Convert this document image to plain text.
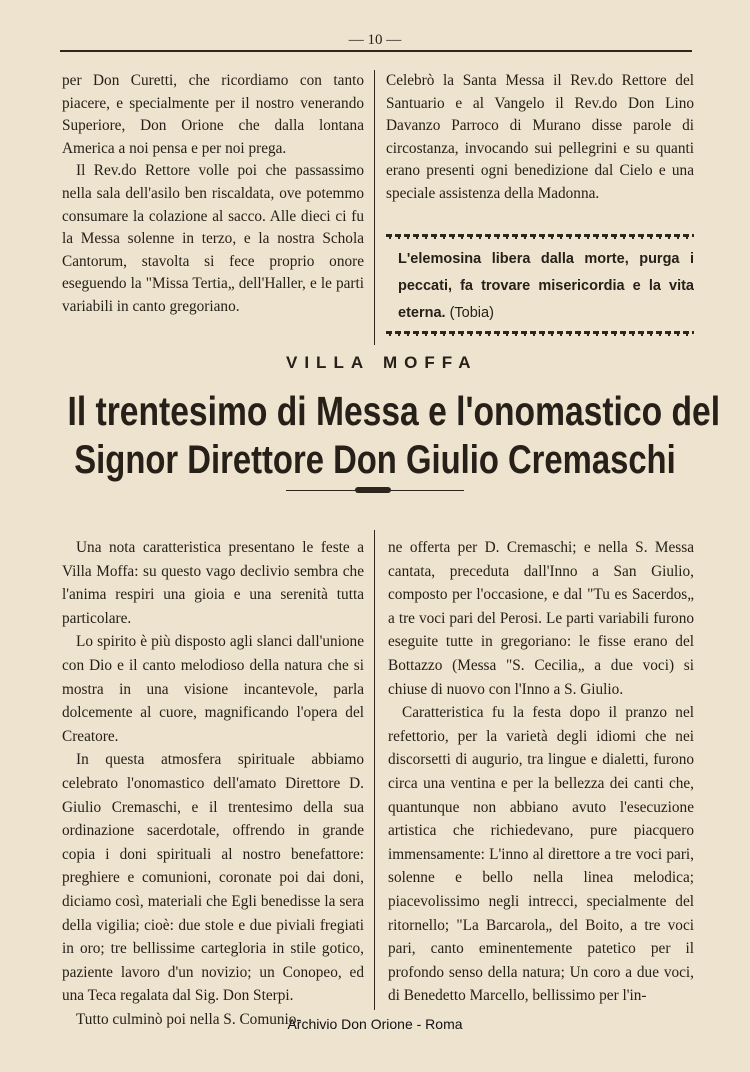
— 10 —

per Don Curetti, che ricordiamo con tanto piacere, e specialmente per il nostro venerando Superiore, Don Orione che dalla lontana America a noi pensa e per noi prega.

Il Rev.do Rettore volle poi che passassimo nella sala dell'asilo ben riscaldata, ove potemmo consumare la colazione al sacco. Alle dieci ci fu la Messa solenne in terzo, e la nostra Schola Cantorum, stavolta si fece proprio onore eseguendo la "Missa Tertia„ dell'Haller, e le parti variabili in canto gregoriano.

Celebrò la Santa Messa il Rev.do Rettore del Santuario e al Vangelo il Rev.do Don Lino Davanzo Parroco di Murano disse parole di circostanza, invocando sui pellegrini e su quanti erano presenti ogni benedizione dal Cielo e una speciale assistenza della Madonna.

L'elemosina libera dalla morte, purga i peccati, fa trovare misericordia e la vita eterna. (Tobia)
VILLA MOFFA
Il trentesimo di Messa e l'onomastico del
Signor Direttore Don Giulio Cremaschi

Una nota caratteristica presentano le feste a Villa Moffa: su questo vago declivio sembra che l'anima respiri una gioia e una serenità tutta particolare.

Lo spirito è più disposto agli slanci dall'unione con Dio e il canto melodioso della natura che si mostra in una visione incantevole, parla dolcemente al cuore, magnificando l'opera del Creatore.

In questa atmosfera spirituale abbiamo celebrato l'onomastico dell'amato Direttore D. Giulio Cremaschi, e il trentesimo della sua ordinazione sacerdotale, offrendo in grande copia i doni spirituali al nostro benefattore: preghiere e comunioni, coronate poi dai doni, diciamo così, materiali che Egli benedisse la sera della vigilia; cioè: due stole e due piviali fregiati in oro; tre bellissime cartegloria in stile gotico, paziente lavoro d'un novizio; un Conopeo, ed una Teca regalata dal Sig. Don Sterpi.

Tutto culminò poi nella S. Comunio-

ne offerta per D. Cremaschi; e nella S. Messa cantata, preceduta dall'Inno a San Giulio, composto per l'occasione, e dal "Tu es Sacerdos„ a tre voci pari del Perosi. Le parti variabili furono eseguite tutte in gregoriano: le fisse erano del Bottazzo (Messa "S. Cecilia„ a due voci) si chiuse di nuovo con l'Inno a S. Giulio.

Caratteristica fu la festa dopo il pranzo nel refettorio, per la varietà degli idiomi che nei discorsetti di augurio, tra lingue e dialetti, furono circa una ventina e per la bellezza dei canti che, quantunque non abbiano avuto l'esecuzione artistica che richiedevano, pure piacquero immensamente: L'inno al direttore a tre voci pari, solenne e bello nella linea melodica; piacevolissimo negli intrecci, specialmente del ritornello; "La Barcarola„ del Boito, a tre voci pari, canto eminentemente patetico per il profondo senso della natura; Un coro a due voci, di Benedetto Marcello, bellissimo per l'in-

Archivio Don Orione - Roma
